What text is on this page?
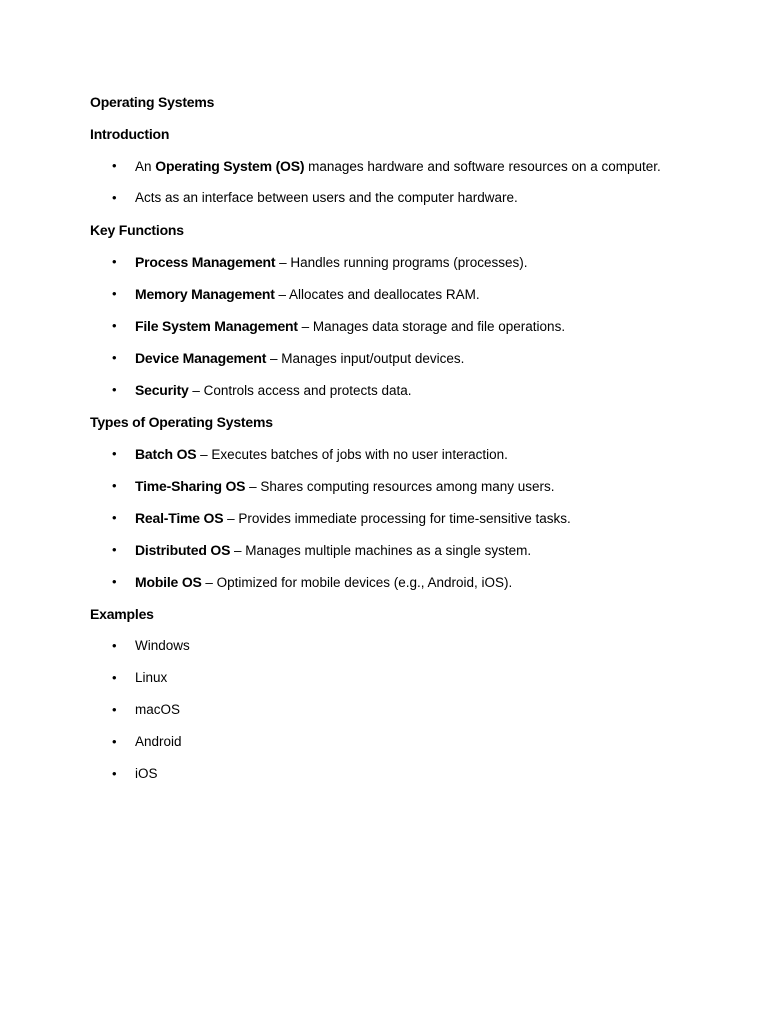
Operating Systems
Introduction
• An Operating System (OS) manages hardware and software resources on a computer.
• Acts as an interface between users and the computer hardware.
Key Functions
• Process Management – Handles running programs (processes).
• Memory Management – Allocates and deallocates RAM.
• File System Management – Manages data storage and file operations.
• Device Management – Manages input/output devices.
• Security – Controls access and protects data.
Types of Operating Systems
• Batch OS – Executes batches of jobs with no user interaction.
• Time-Sharing OS – Shares computing resources among many users.
• Real-Time OS – Provides immediate processing for time-sensitive tasks.
• Distributed OS – Manages multiple machines as a single system.
• Mobile OS – Optimized for mobile devices (e.g., Android, iOS).
Examples
• Windows
• Linux
• macOS
• Android
• iOS
